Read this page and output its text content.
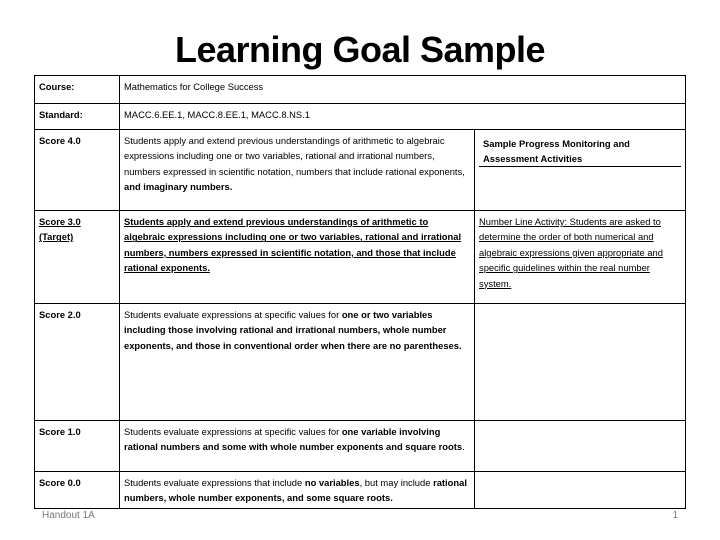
Learning Goal Sample
Course:	Mathematics for College Success	
Standard:	MACC.6.EE.1, MACC.8.EE.1, MACC.8.NS.1	
Score 4.0	Students apply and extend previous understandings of arithmetic to algebraic expressions including one or two variables, rational and irrational numbers, numbers expressed in scientific notation, numbers that include rational exponents, and imaginary numbers.	Sample Progress Monitoring and Assessment Activities

Score 3.0 (Target)	Students apply and extend previous understandings of arithmetic to algebraic expressions including one or two variables, rational and irrational numbers, numbers expressed in scientific notation, and those that include rational exponents.	Number Line Activity: Students are asked to determine the order of both numerical and algebraic expressions given appropriate and specific guidelines within the real number system.
Score 2.0	Students evaluate expressions at specific values for one or two variables including those involving rational and irrational numbers, whole number exponents, and those in conventional order when there are no parentheses.	
Score 1.0	Students evaluate expressions at specific values for one variable involving rational numbers and some with whole number exponents and square roots.	
Score 0.0	Students evaluate expressions that include no variables, but may include rational numbers, whole number exponents, and some square roots.	
Handout 1A	1
